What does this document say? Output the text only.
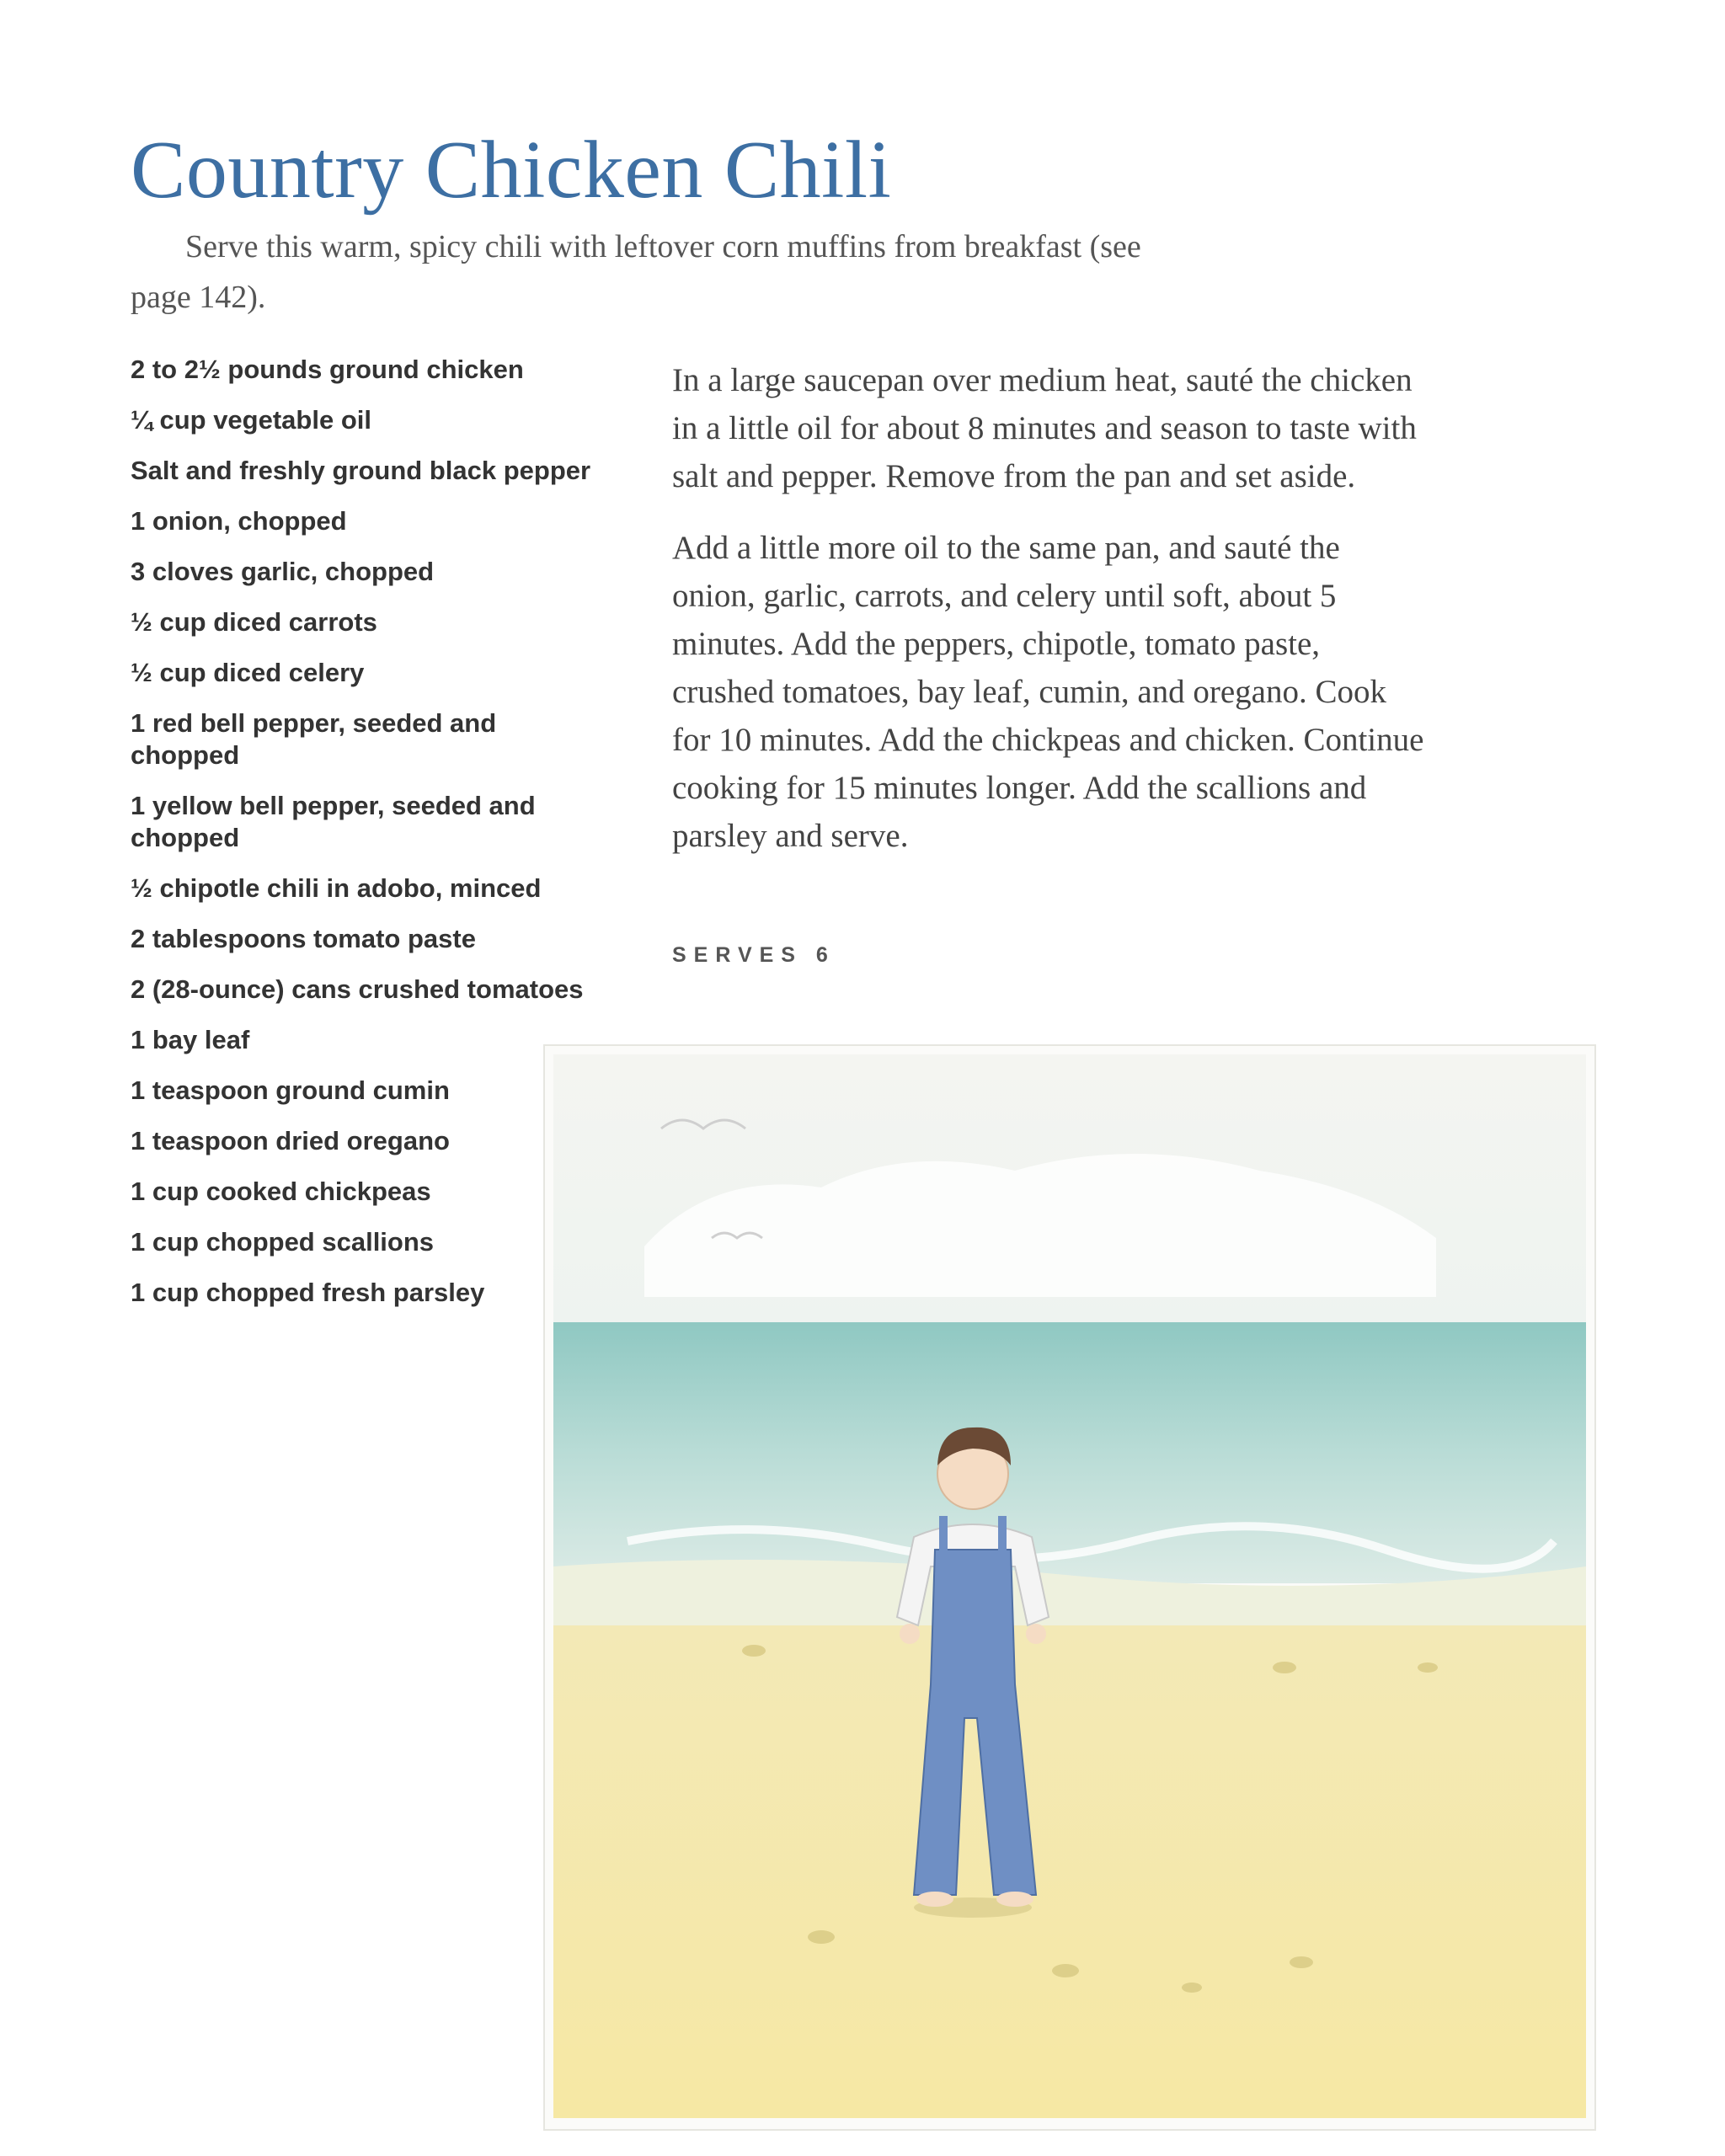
Country Chicken Chili

Serve this warm, spicy chili with leftover corn muffins from breakfast (see page 142).

2 to 2½ pounds ground chicken
¼ cup vegetable oil
Salt and freshly ground black pepper
1 onion, chopped
3 cloves garlic, chopped
½ cup diced carrots
½ cup diced celery
1 red bell pepper, seeded and chopped
1 yellow bell pepper, seeded and chopped
½ chipotle chili in adobo, minced
2 tablespoons tomato paste
2 (28-ounce) cans crushed tomatoes
1 bay leaf
1 teaspoon ground cumin
1 teaspoon dried oregano
1 cup cooked chickpeas
1 cup chopped scallions
1 cup chopped fresh parsley

In a large saucepan over medium heat, sauté the chicken in a little oil for about 8 minutes and season to taste with salt and pepper. Remove from the pan and set aside.

Add a little more oil to the same pan, and sauté the onion, garlic, carrots, and celery until soft, about 5 minutes. Add the peppers, chipotle, tomato paste, crushed tomatoes, bay leaf, cumin, and oregano. Cook for 10 minutes. Add the chickpeas and chicken. Continue cooking for 15 minutes longer. Add the scallions and parsley and serve.

SERVES 6
